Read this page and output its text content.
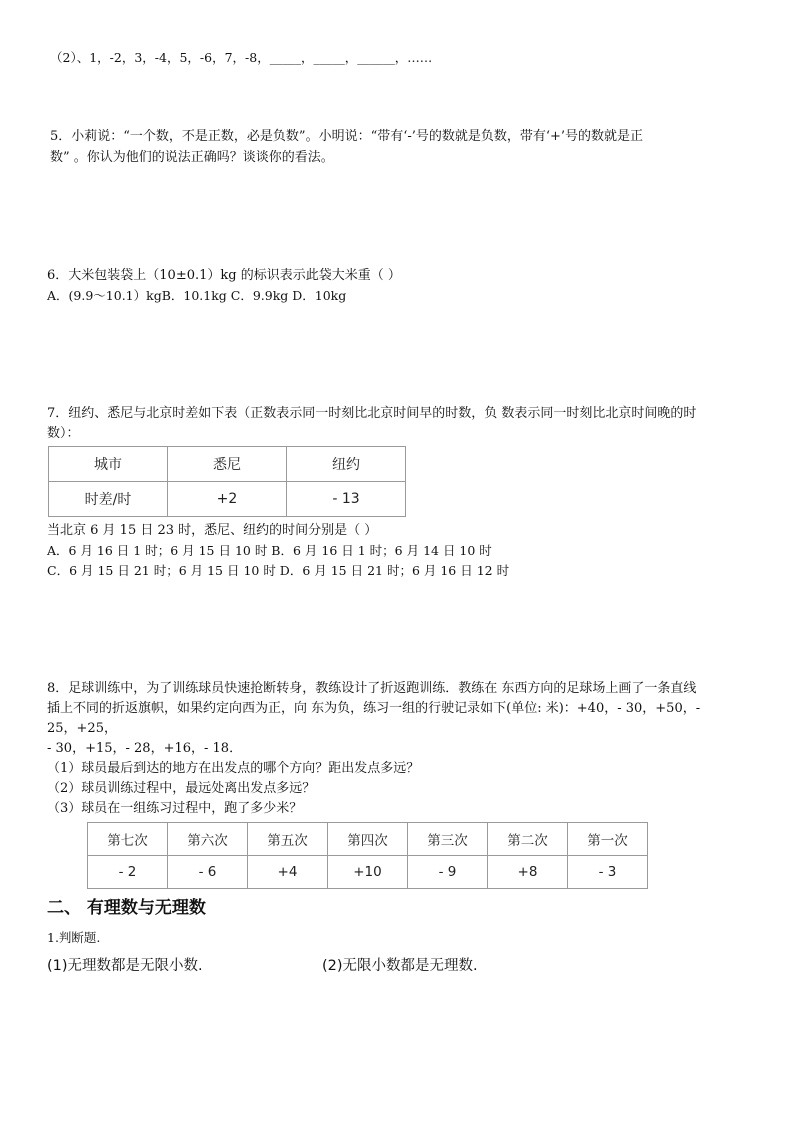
（2）、1，-2，3，-4，5，-6，7，-8，_____，_____，______，……
5．小莉说：“一个数，不是正数，必是负数”。小明说：“带有‘-’号的数就是负数，带有‘+’号的数就是正
数” 。你认为他们的说法正确吗？谈谈你的看法。
6．大米包装袋上（10±0.1）kg 的标识表示此袋大米重（ ）
A．(9.9～10.1）kgB．10.1kg C．9.9kg D．10kg
7．纽约、悉尼与北京时差如下表（正数表示同一时刻比北京时间早的时数，负 数表示同一时刻比北京时间晚的时
数）：
城市	悉尼	纽约
时差/时	+2	- 13
当北京 6 月 15 日 23 时，悉尼、纽约的时间分别是（ ）
A．6 月 16 日 1 时；6 月 15 日 10 时 B．6 月 16 日 1 时；6 月 14 日 10 时
C．6 月 15 日 21 时；6 月 15 日 10 时 D．6 月 15 日 21 时；6 月 16 日 12 时
8．足球训练中，为了训练球员快速抢断转身，教练设计了折返跑训练．教练在 东西方向的足球场上画了一条直线
插上不同的折返旗帜，如果约定向西为正，向 东为负，练习一组的行驶记录如下(单位: 米)：+40，- 30，+50，-
25，+25，
- 30，+15，- 28，+16，- 18．
（1）球员最后到达的地方在出发点的哪个方向？距出发点多远？
（2）球员训练过程中，最远处离出发点多远？
（3）球员在一组练习过程中，跑了多少米？
第七次	第六次	第五次	第四次	第三次	第二次	第一次
- 2	- 6	+4	+10	- 9	+8	- 3
二、 有理数与无理数
1.判断题.
(1)无理数都是无限小数.	(2)无限小数都是无理数.
